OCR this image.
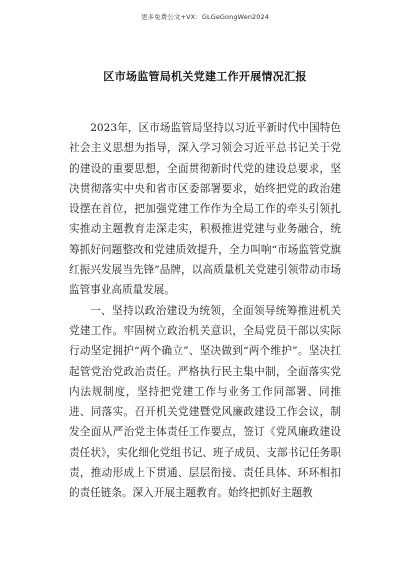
更多免费公文+VX：GLGeGongWen2024
区市场监管局机关党建工作开展情况汇报

2023年，区市场监管局坚持以习近平新时代中国特色社会主义思想为指导，深入学习领会习近平总书记关于党的建设的重要思想，全面贯彻新时代党的建设总要求，坚决贯彻落实中央和省市区委部署要求，始终把党的政治建设摆在首位，把加强党建工作作为全局工作的牵头引领扎实推动主题教育走深走实，积极推进党建与业务融合，统筹抓好问题整改和党建质效提升，全力叫响“市场监管党旗红振兴发展当先锋”品牌，以高质量机关党建引领带动市场监管事业高质量发展。

一、坚持以政治建设为统领，全面领导统筹推进机关党建工作。牢固树立政治机关意识，全局党员干部以实际行动坚定拥护“两个确立”、坚决做到“两个维护”。坚决扛起管党治党政治责任。严格执行民主集中制，全面落实党内法规制度，坚持把党建工作与业务工作同部署、同推进、同落实。召开机关党建暨党风廉政建设工作会议，制发全面从严治党主体责任工作要点，签订《党风廉政建设责任状》，实化细化党组书记、班子成员、支部书记任务职责，推动形成上下贯通、层层衔接、责任具体、环环相扣的责任链条。深入开展主题教育。始终把抓好主题教
